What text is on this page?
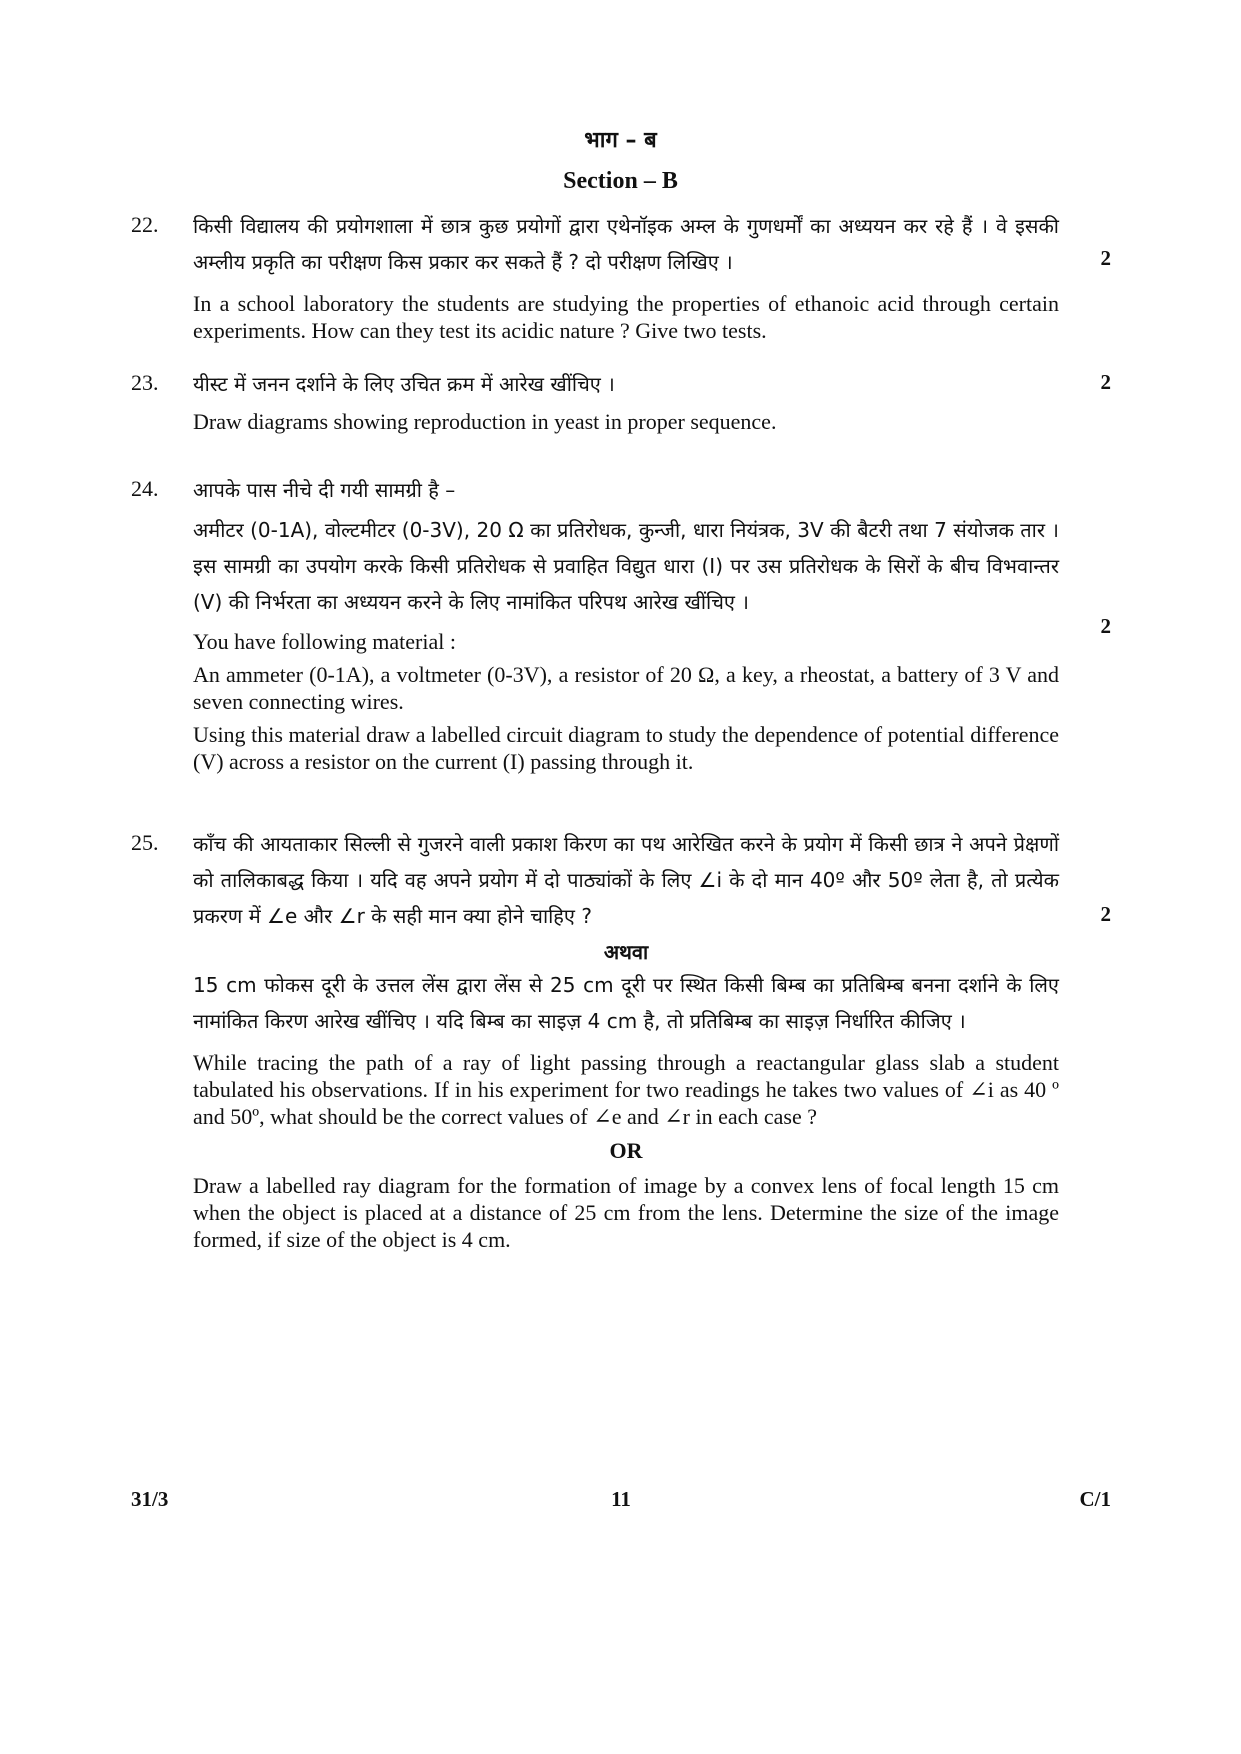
भाग – ब
Section – B
22.	किसी विद्यालय की प्रयोगशाला में छात्र कुछ प्रयोगों द्वारा एथेनॉइक अम्ल के गुणधर्मों का अध्ययन कर रहे हैं । वे इसकी अम्लीय प्रकृति का परीक्षण किस प्रकार कर सकते हैं ? दो परीक्षण लिखिए ।

In a school laboratory the students are studying the properties of ethanoic acid through certain experiments. How can they test its acidic nature ? Give two tests.

2
23.	यीस्ट में जनन दर्शाने के लिए उचित क्रम में आरेख खींचिए ।

Draw diagrams showing reproduction in yeast in proper sequence.

2
24.	आपके पास नीचे दी गयी सामग्री है –

अमीटर (0-1A), वोल्टमीटर (0-3V), 20 Ω का प्रतिरोधक, कुन्जी, धारा नियंत्रक, 3V की बैटरी तथा 7 संयोजक तार । इस सामग्री का उपयोग करके किसी प्रतिरोधक से प्रवाहित विद्युत धारा (I) पर उस प्रतिरोधक के सिरों के बीच विभवान्तर (V) की निर्भरता का अध्ययन करने के लिए नामांकित परिपथ आरेख खींचिए ।

You have following material :

An ammeter (0-1A), a voltmeter (0-3V), a resistor of 20 Ω, a key, a rheostat, a battery of 3 V and seven connecting wires.

Using this material draw a labelled circuit diagram to study the dependence of potential difference (V) across a resistor on the current (I) passing through it.

2
25.	काँच की आयताकार सिल्ली से गुजरने वाली प्रकाश किरण का पथ आरेखित करने के प्रयोग में किसी छात्र ने अपने प्रेक्षणों को तालिकाबद्ध किया । यदि वह अपने प्रयोग में दो पाठ्यांकों के लिए ∠i के दो मान 40º और 50º लेता है, तो प्रत्येक प्रकरण में ∠e और ∠r के सही मान क्या होने चाहिए ?

अथवा

15 cm फोकस दूरी के उत्तल लेंस द्वारा लेंस से 25 cm दूरी पर स्थित किसी बिम्ब का प्रतिबिम्ब बनना दर्शाने के लिए नामांकित किरण आरेख खींचिए । यदि बिम्ब का साइज़ 4 cm है, तो प्रतिबिम्ब का साइज़ निर्धारित कीजिए ।

While tracing the path of a ray of light passing through a reactangular glass slab a student tabulated his observations. If in his experiment for two readings he takes two values of ∠i as 40 º and 50º, what should be the correct values of ∠e and ∠r in each case ?

OR

Draw a labelled ray diagram for the formation of image by a convex lens of focal length 15 cm when the object is placed at a distance of 25 cm from the lens. Determine the size of the image formed, if size of the object is 4 cm.

2
31/3	11	C/1
